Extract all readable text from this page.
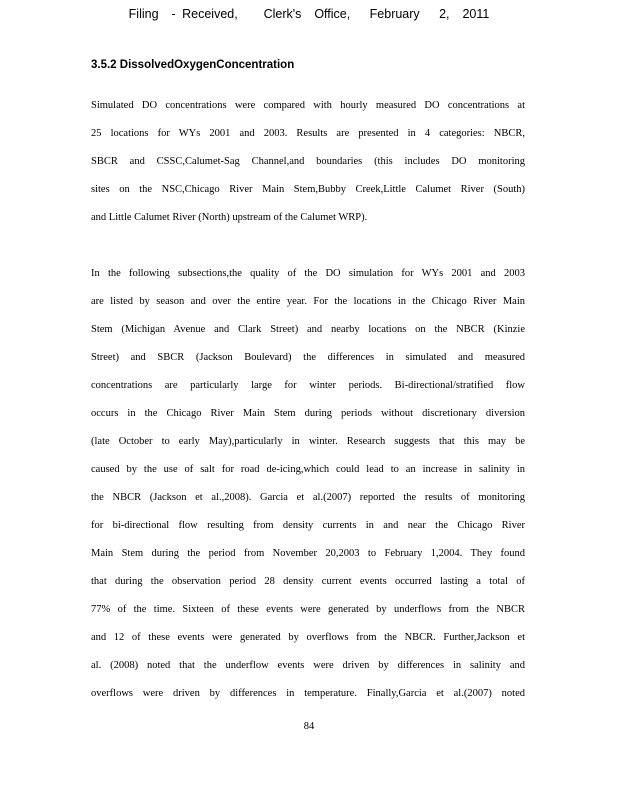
Filing  - Received,    Clerk's  Office,   February   2,  2011
3.5.2 DissolvedOxygenConcentration
Simulated DO concentrations were compared with hourly measured DO concentrations at
25 locations for WYs 2001 and 2003. Results are presented in 4 categories: NBCR,
SBCR and CSSC,Calumet-Sag Channel,and boundaries (this includes DO monitoring
sites on the NSC,Chicago River Main Stem,Bubby Creek,Little Calumet River (South)
and Little Calumet River (North) upstream of the Calumet WRP).
In the following subsections,the quality of the DO simulation for WYs 2001 and 2003
are listed by season and over the entire year. For the locations in the Chicago River Main
Stem (Michigan Avenue and Clark Street) and nearby locations on the NBCR (Kinzie
Street) and SBCR (Jackson Boulevard) the differences in simulated and measured
concentrations are particularly large for winter periods. Bi-directional/stratified flow
occurs in the Chicago River Main Stem during periods without discretionary diversion
(late October to early May),particularly in winter. Research suggests that this may be
caused by the use of salt for road de-icing,which could lead to an increase in salinity in
the NBCR (Jackson et al.,2008). Garcia et al.(2007) reported the results of monitoring
for bi-directional flow resulting from density currents in and near the Chicago River
Main Stem during the period from November 20,2003 to February 1,2004. They found
that during the observation period 28 density current events occurred lasting a total of
77% of the time. Sixteen of these events were generated by underflows from the NBCR
and 12 of these events were generated by overflows from the NBCR. Further,Jackson et
al. (2008) noted that the underflow events were driven by differences in salinity and
overflows were driven by differences in temperature. Finally,Garcia et al.(2007) noted
84
